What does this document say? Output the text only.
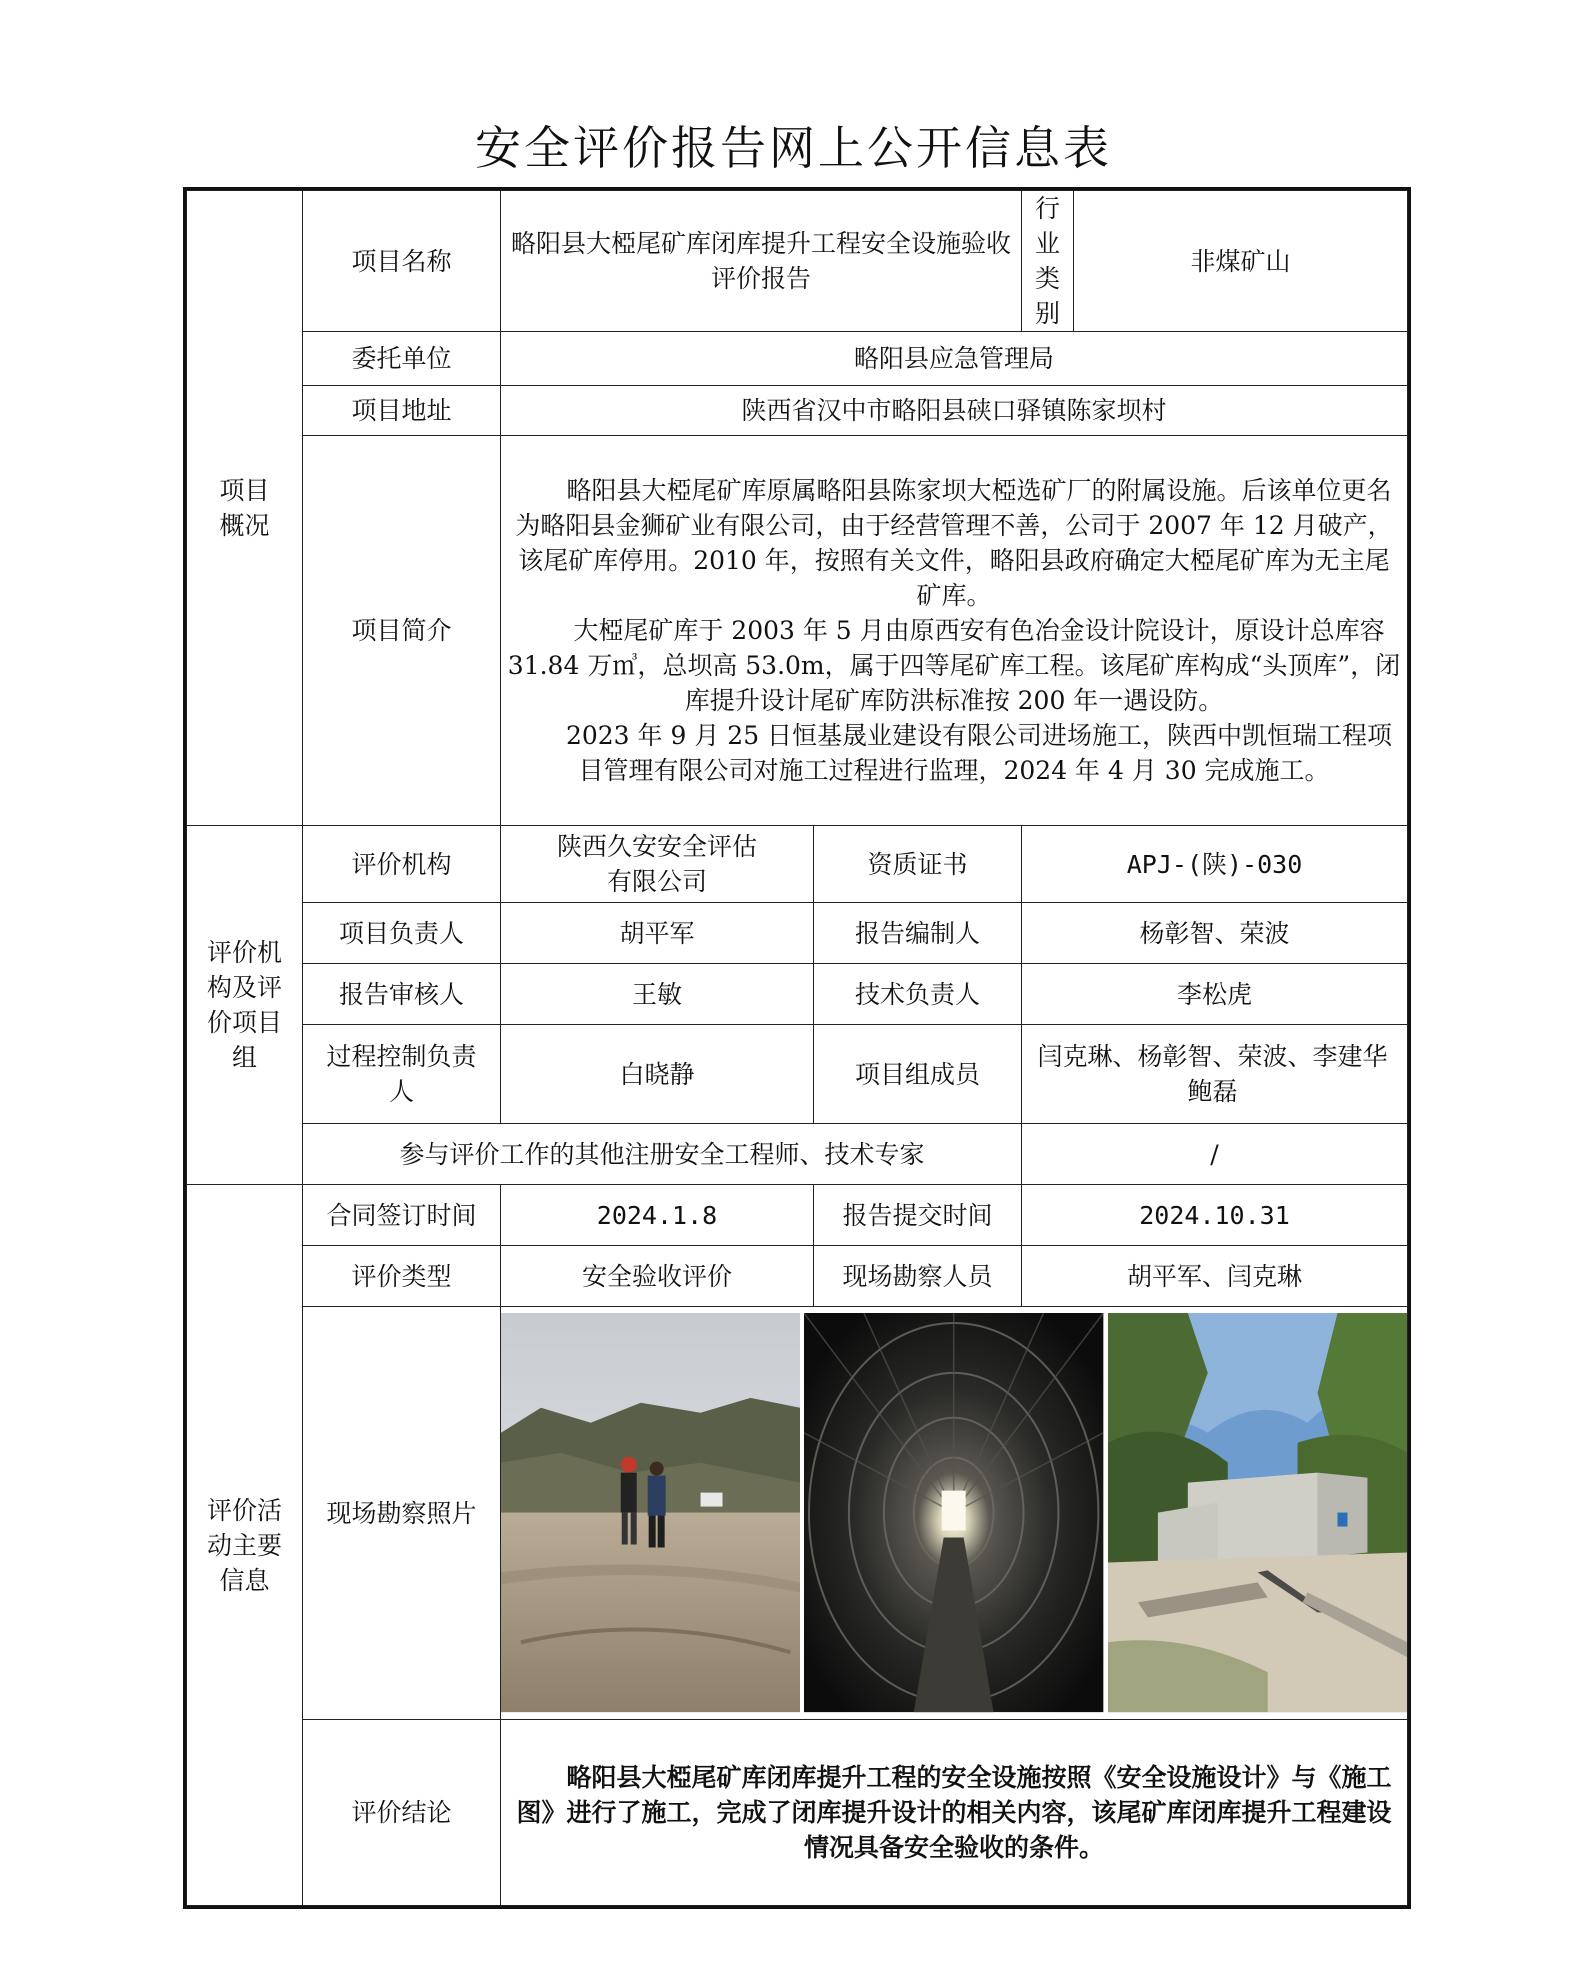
安全评价报告网上公开信息表
项目
概况	项目名称	略阳县大椏尾矿库闭库提升工程安全设施验收评价报告		行业类别	非煤矿山
	委托单位	略阳县应急管理局			
	项目地址	陕西省汉中市略阳县硖口驿镇陈家坝村			
	项目简介	略阳县大椏尾矿库原属略阳县陈家坝大椏选矿厂的附属设施。后该单位更名为略阳县金狮矿业有限公司，由于经营管理不善，公司于 2007 年 12 月破产，该尾矿库停用。2010 年，按照有关文件，略阳县政府确定大椏尾矿库为无主尾矿库。

大椏尾矿库于 2003 年 5 月由原西安有色冶金设计院设计，原设计总库容 31.84 万㎥，总坝高 53.0m，属于四等尾矿库工程。该尾矿库构成“头顶库”，闭库提升设计尾矿库防洪标准按 200 年一遇设防。

2023 年 9 月 25 日恒基晟业建设有限公司进场施工，陕西中凯恒瑞工程项目管理有限公司对施工过程进行监理，2024 年 4 月 30 完成施工。			

评价机
构及评
价项目
组	评价机构	陕西久安安全评估
有限公司	资质证书	APJ-(陕)-030	
	项目负责人	胡平军	报告编制人	杨彰智、荣波	
	报告审核人	王敏	技术负责人	李松虎	
	过程控制负责
人	白晓静	项目组成员	闫克琳、杨彰智、荣波、李建华
鲍磊	
	参与评价工作的其他注册安全工程师、技术专家			/	
评价活
动主要
信息	合同签订时间	2024.1.8	报告提交时间	2024.10.31	
	评价类型	安全验收评价	现场勘察人员	胡平军、闫克琳	
	现场勘察照片	

	评价结论	略阳县大椏尾矿库闭库提升工程的安全设施按照《安全设施设计》与《施工图》进行了施工，完成了闭库提升设计的相关内容，该尾矿库闭库提升工程建设情况具备安全验收的条件。			
